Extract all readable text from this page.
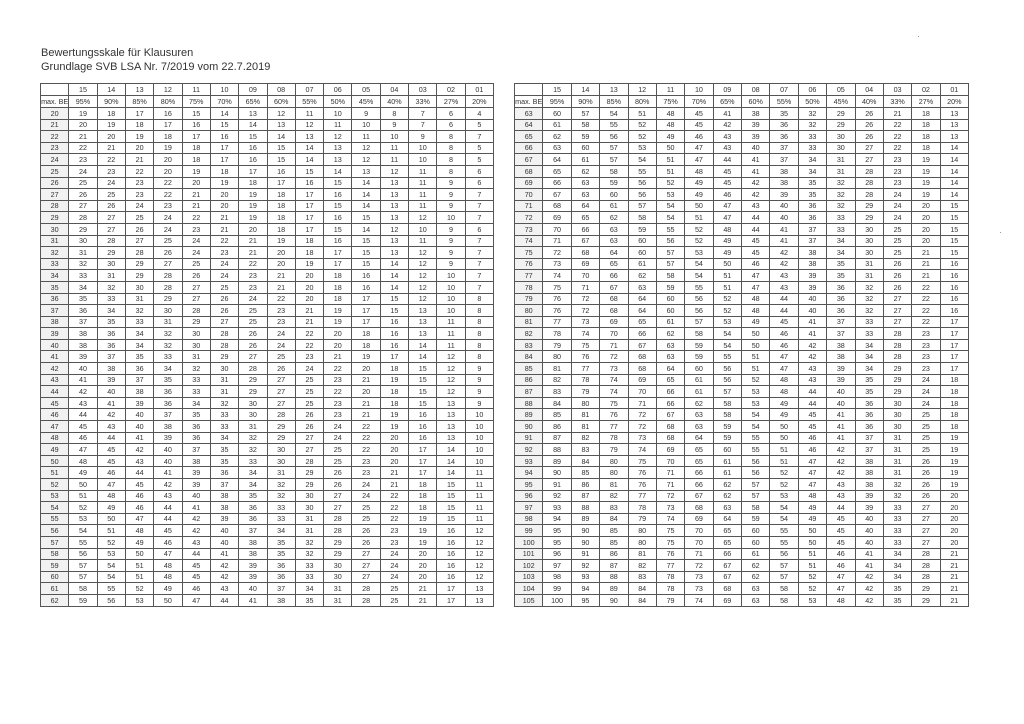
Bewertungsskale für Klausuren
Grundlage SVB LSA Nr. 7/2019 vom 22.7.2019
	15	14	13	12	11	10	09	08	07	06	05	04	03	02	01
max. BE	95%	90%	85%	80%	75%	70%	65%	60%	55%	50%	45%	40%	33%	27%	20%
20	19	18	17	16	15	14	13	12	11	10	9	8	7	6	4
21	20	19	18	17	16	15	14	13	12	11	10	9	7	6	5
22	21	20	19	18	17	16	15	14	13	12	11	10	9	8	7
23	22	21	20	19	18	17	16	15	14	13	12	11	10	8	5
24	23	22	21	20	18	17	16	15	14	13	12	11	10	8	5
25	24	23	22	20	19	18	17	16	15	14	13	12	11	8	6
26	25	24	23	22	20	19	18	17	16	15	14	13	11	9	6
27	26	25	23	22	21	20	19	18	17	16	14	13	11	9	7
28	27	26	24	23	21	20	19	18	17	15	14	13	11	9	7
29	28	27	25	24	22	21	19	18	17	16	15	13	12	10	7
30	29	27	26	24	23	21	20	18	17	15	14	12	10	9	6
31	30	28	27	25	24	22	21	19	18	16	15	13	11	9	7
32	31	29	28	26	24	23	21	20	18	17	15	13	12	9	7
33	32	30	29	27	25	24	22	20	19	17	15	14	12	9	7
34	33	31	29	28	26	24	23	21	20	18	16	14	12	10	7
35	34	32	30	28	27	25	23	21	20	18	16	14	12	10	7
36	35	33	31	29	27	26	24	22	20	18	17	15	12	10	8
37	36	34	32	30	28	26	25	23	21	19	17	15	13	10	8
38	37	35	33	31	29	27	25	23	21	19	17	16	13	11	8
39	38	36	34	32	30	28	26	24	22	20	18	16	13	11	8
40	38	36	34	32	30	28	26	24	22	20	18	16	14	11	8
41	39	37	35	33	31	29	27	25	23	21	19	17	14	12	8
42	40	38	36	34	32	30	28	26	24	22	20	18	15	12	9
43	41	39	37	35	33	31	29	27	25	23	21	19	15	12	9
44	42	40	38	36	33	31	29	27	25	22	20	18	15	12	9
45	43	41	39	36	34	32	30	27	25	23	21	18	15	13	9
46	44	42	40	37	35	33	30	28	26	23	21	19	16	13	10
47	45	43	40	38	36	33	31	29	26	24	22	19	16	13	10
48	46	44	41	39	36	34	32	29	27	24	22	20	16	13	10
49	47	45	42	40	37	35	32	30	27	25	22	20	17	14	10
50	48	45	43	40	38	35	33	30	28	25	23	20	17	14	10
51	49	46	44	41	39	36	34	31	29	26	23	21	17	14	11
52	50	47	45	42	39	37	34	32	29	26	24	21	18	15	11
53	51	48	46	43	40	38	35	32	30	27	24	22	18	15	11
54	52	49	46	44	41	38	36	33	30	27	25	22	18	15	11
55	53	50	47	44	42	39	36	33	31	28	25	22	19	15	11
56	54	51	48	45	42	40	37	34	31	28	26	23	19	16	12
57	55	52	49	46	43	40	38	35	32	29	26	23	19	16	12
58	56	53	50	47	44	41	38	35	32	29	27	24	20	16	12
59	57	54	51	48	45	42	39	36	33	30	27	24	20	16	12
60	57	54	51	48	45	42	39	36	33	30	27	24	20	16	12
61	58	55	52	49	46	43	40	37	34	31	28	25	21	17	13
62	59	56	53	50	47	44	41	38	35	31	28	25	21	17	13
	15	14	13	12	11	10	09	08	07	06	05	04	03	02	01
max. BE	95%	90%	85%	80%	75%	70%	65%	60%	55%	50%	45%	40%	33%	27%	20%
63	60	57	54	51	48	45	41	38	35	32	29	26	21	18	13
64	61	58	55	52	48	45	42	39	36	32	29	26	22	18	13
65	62	59	56	52	49	46	43	39	36	33	30	26	22	18	13
66	63	60	57	53	50	47	43	40	37	33	30	27	22	18	14
67	64	61	57	54	51	47	44	41	37	34	31	27	23	19	14
68	65	62	58	55	51	48	45	41	38	34	31	28	23	19	14
69	66	63	59	56	52	49	45	42	38	35	32	28	23	19	14
70	67	63	60	56	53	49	46	42	39	35	32	28	24	19	14
71	68	64	61	57	54	50	47	43	40	36	32	29	24	20	15
72	69	65	62	58	54	51	47	44	40	36	33	29	24	20	15
73	70	66	63	59	55	52	48	44	41	37	33	30	25	20	15
74	71	67	63	60	56	52	49	45	41	37	34	30	25	20	15
75	72	68	64	60	57	53	49	45	42	38	34	30	25	21	15
76	73	69	65	61	57	54	50	46	42	38	35	31	26	21	16
77	74	70	66	62	58	54	51	47	43	39	35	31	26	21	16
78	75	71	67	63	59	55	51	47	43	39	36	32	26	22	16
79	76	72	68	64	60	56	52	48	44	40	36	32	27	22	16
80	76	72	68	64	60	56	52	48	44	40	36	32	27	22	16
81	77	73	69	65	61	57	53	49	45	41	37	33	27	22	17
82	78	74	70	66	62	58	54	50	46	41	37	33	28	23	17
83	79	75	71	67	63	59	54	50	46	42	38	34	28	23	17
84	80	76	72	68	63	59	55	51	47	42	38	34	28	23	17
85	81	77	73	68	64	60	56	51	47	43	39	34	29	23	17
86	82	78	74	69	65	61	56	52	48	43	39	35	29	24	18
87	83	79	74	70	66	61	57	53	48	44	40	35	29	24	18
88	84	80	75	71	66	62	58	53	49	44	40	36	30	24	18
89	85	81	76	72	67	63	58	54	49	45	41	36	30	25	18
90	86	81	77	72	68	63	59	54	50	45	41	36	30	25	18
91	87	82	78	73	68	64	59	55	50	46	41	37	31	25	19
92	88	83	79	74	69	65	60	55	51	46	42	37	31	25	19
93	89	84	80	75	70	65	61	56	51	47	42	38	31	26	19
94	90	85	80	76	71	66	61	56	52	47	42	38	31	26	19
95	91	86	81	76	71	66	62	57	52	47	43	38	32	26	19
96	92	87	82	77	72	67	62	57	53	48	43	39	32	26	20
97	93	88	83	78	73	68	63	58	54	49	44	39	33	27	20
98	94	89	84	79	74	69	64	59	54	49	45	40	33	27	20
99	95	90	85	80	75	70	65	60	55	50	45	40	33	27	20
100	95	90	85	80	75	70	65	60	55	50	45	40	33	27	20
101	96	91	86	81	76	71	66	61	56	51	46	41	34	28	21
102	97	92	87	82	77	72	67	62	57	51	46	41	34	28	21
103	98	93	88	83	78	73	67	62	57	52	47	42	34	28	21
104	99	94	89	84	78	73	68	63	58	52	47	42	35	29	21
105	100	95	90	84	79	74	69	63	58	53	48	42	35	29	21
